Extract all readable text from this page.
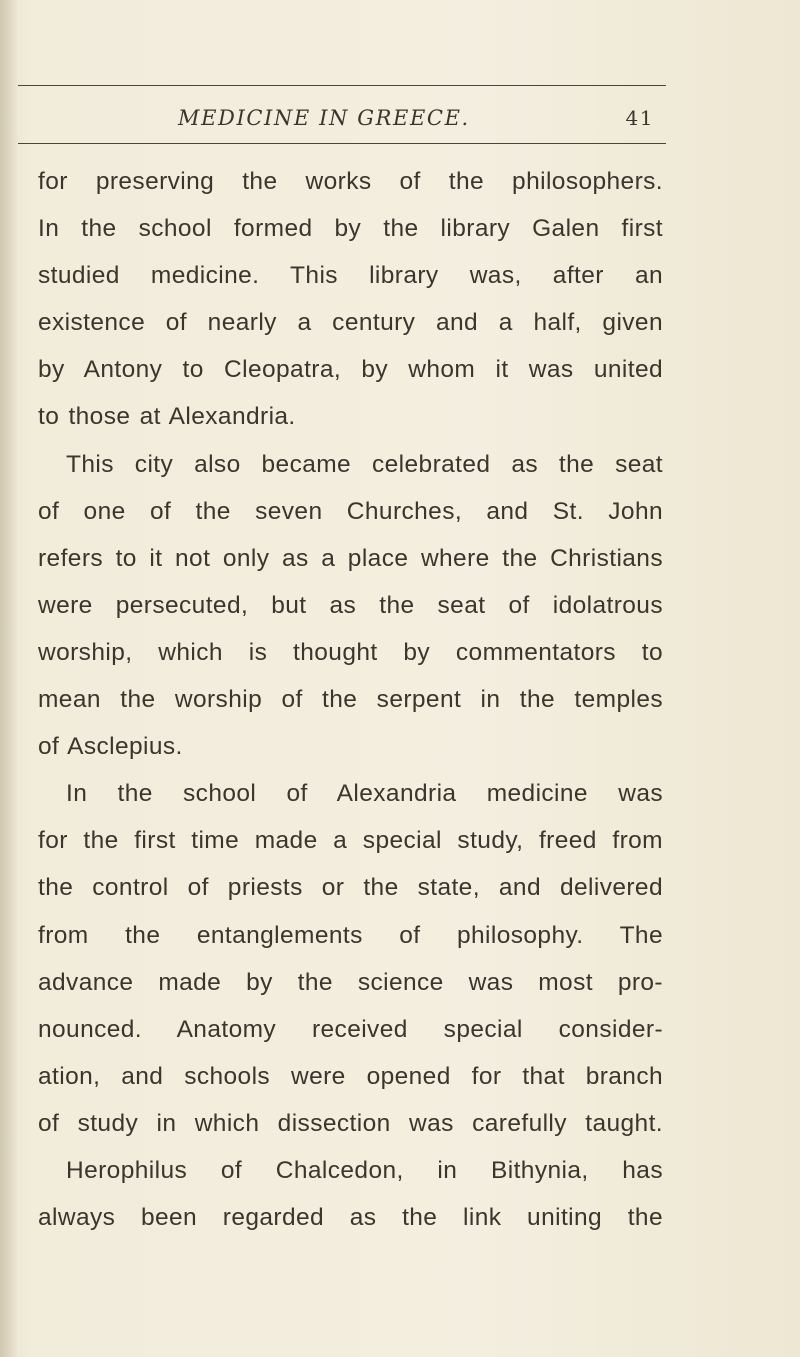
MEDICINE IN GREECE.	41
for preserving the works of the philosophers.
In the school formed by the library Galen first
studied medicine. This library was, after an
existence of nearly a century and a half, given
by Antony to Cleopatra, by whom it was united
to those at Alexandria.
This city also became celebrated as the seat
of one of the seven Churches, and St. John
refers to it not only as a place where the Christians
were persecuted, but as the seat of idolatrous
worship, which is thought by commentators to
mean the worship of the serpent in the temples
of Asclepius.
In the school of Alexandria medicine was
for the first time made a special study, freed from
the control of priests or the state, and delivered
from the entanglements of philosophy. The
advance made by the science was most pro-
nounced. Anatomy received special consider-
ation, and schools were opened for that branch
of study in which dissection was carefully taught.
Herophilus of Chalcedon, in Bithynia, has
always been regarded as the link uniting the
